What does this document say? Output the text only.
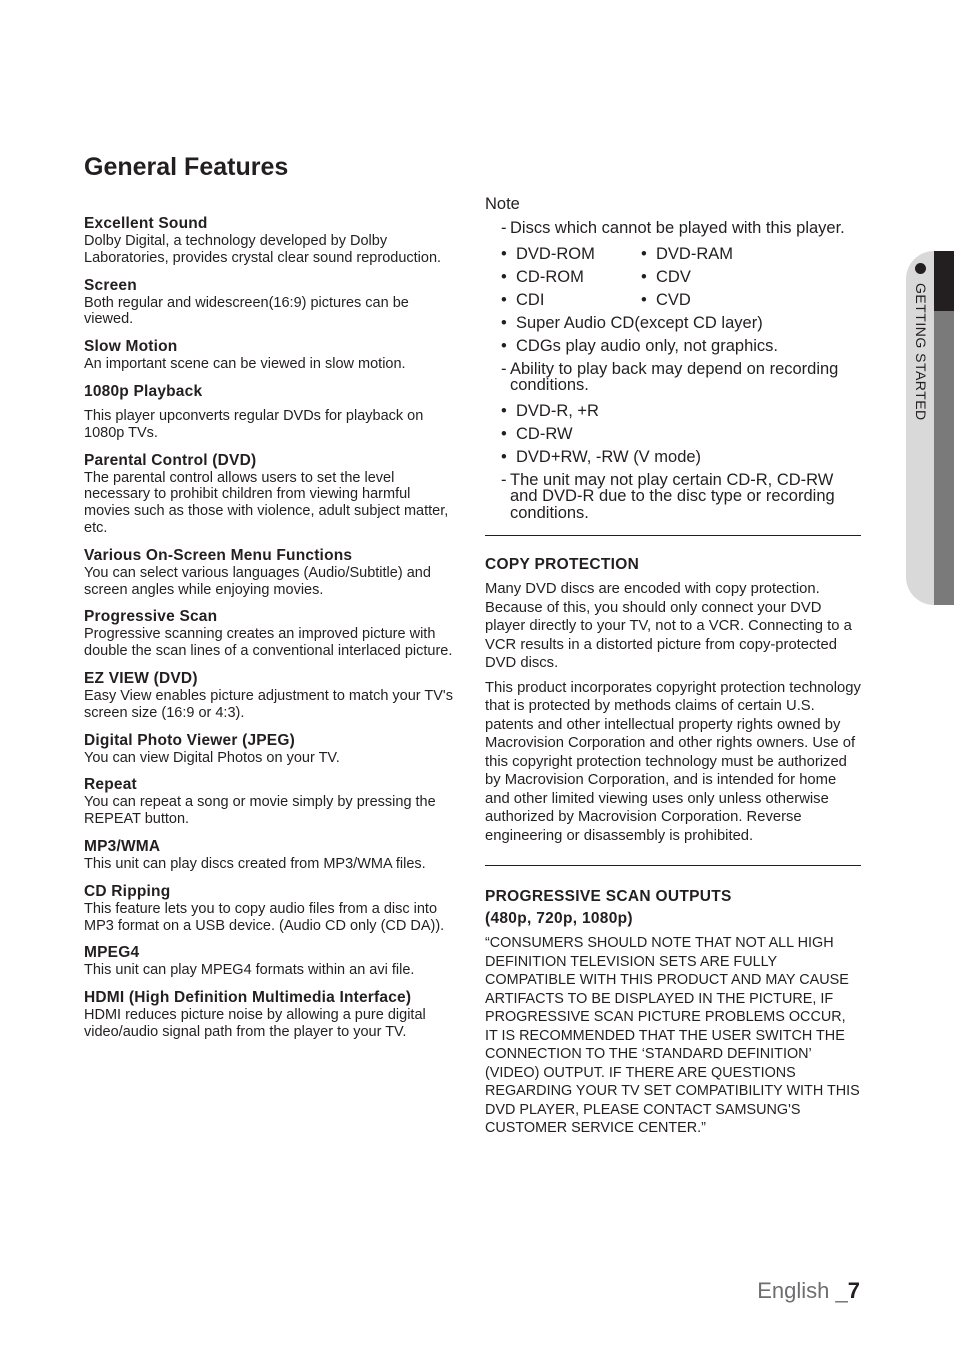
General Features
Excellent Sound

Dolby Digital, a technology developed by Dolby Laboratories, provides crystal clear sound reproduction.

Screen

Both regular and widescreen(16:9) pictures can be viewed.

Slow Motion

An important scene can be viewed in slow motion.

1080p Playback

This player upconverts regular DVDs for playback on 1080p TVs.

Parental Control (DVD)

The parental control allows users to set the level necessary to prohibit children from viewing harmful movies such as those with violence, adult subject matter, etc.

Various On-Screen Menu Functions

You can select various languages (Audio/Subtitle) and screen angles while enjoying movies.

Progressive Scan

Progressive scanning creates an improved picture with double the scan lines of a conventional interlaced picture.

EZ VIEW (DVD)

Easy View enables picture adjustment to match your TV's screen size (16:9 or 4:3).

Digital Photo Viewer (JPEG)

You can view Digital Photos on your TV.

Repeat

You can repeat a song or movie simply by pressing the REPEAT button.

MP3/WMA

This unit can play discs created from MP3/WMA files.

CD Ripping

This feature lets you to copy audio files from a disc into MP3 format on a USB device. (Audio CD only (CD DA)).

MPEG4

This unit can play MPEG4 formats within an avi file.

HDMI (High Definition Multimedia Interface)

HDMI reduces picture noise by allowing a pure digital video/audio signal path from the player to your TV.

Note
- Discs which cannot be played with this player.
• DVD-ROM	• DVD-RAM
• CD-ROM	• CDV
• CDI	• CVD
• Super Audio CD(except CD layer)
• CDGs play audio only, not graphics.
- Ability to play back may depend on recording conditions.
• DVD-R, +R
• CD-RW
• DVD+RW, -RW (V mode)
- The unit may not play certain CD-R, CD-RW and DVD-R due to the disc type or recording conditions.
COPY PROTECTION

Many DVD discs are encoded with copy protection. Because of this, you should only connect your DVD player directly to your TV, not to a VCR. Connecting to a VCR results in a distorted picture from copy-protected DVD discs.

This product incorporates copyright protection technology that is protected by methods claims of certain U.S. patents and other intellectual property rights owned by Macrovision Corporation and other rights owners. Use of this copyright protection technology must be authorized by Macrovision Corporation, and is intended for home and other limited viewing uses only unless otherwise authorized by Macrovision Corporation. Reverse engineering or disassembly is prohibited.

PROGRESSIVE SCAN OUTPUTS
(480p, 720p, 1080p)

“CONSUMERS SHOULD NOTE THAT NOT ALL HIGH DEFINITION TELEVISION SETS ARE FULLY COMPATIBLE WITH THIS PRODUCT AND MAY CAUSE ARTIFACTS TO BE DISPLAYED IN THE PICTURE, IF PROGRESSIVE SCAN PICTURE PROBLEMS OCCUR, IT IS RECOMMENDED THAT THE USER SWITCH THE CONNECTION TO THE ‘STANDARD DEFINITION’ (VIDEO) OUTPUT. IF THERE ARE QUESTIONS REGARDING YOUR TV SET COMPATIBILITY WITH THIS DVD PLAYER, PLEASE CONTACT SAMSUNG'S CUSTOMER SERVICE CENTER.”

GETTING STARTED
English _7
